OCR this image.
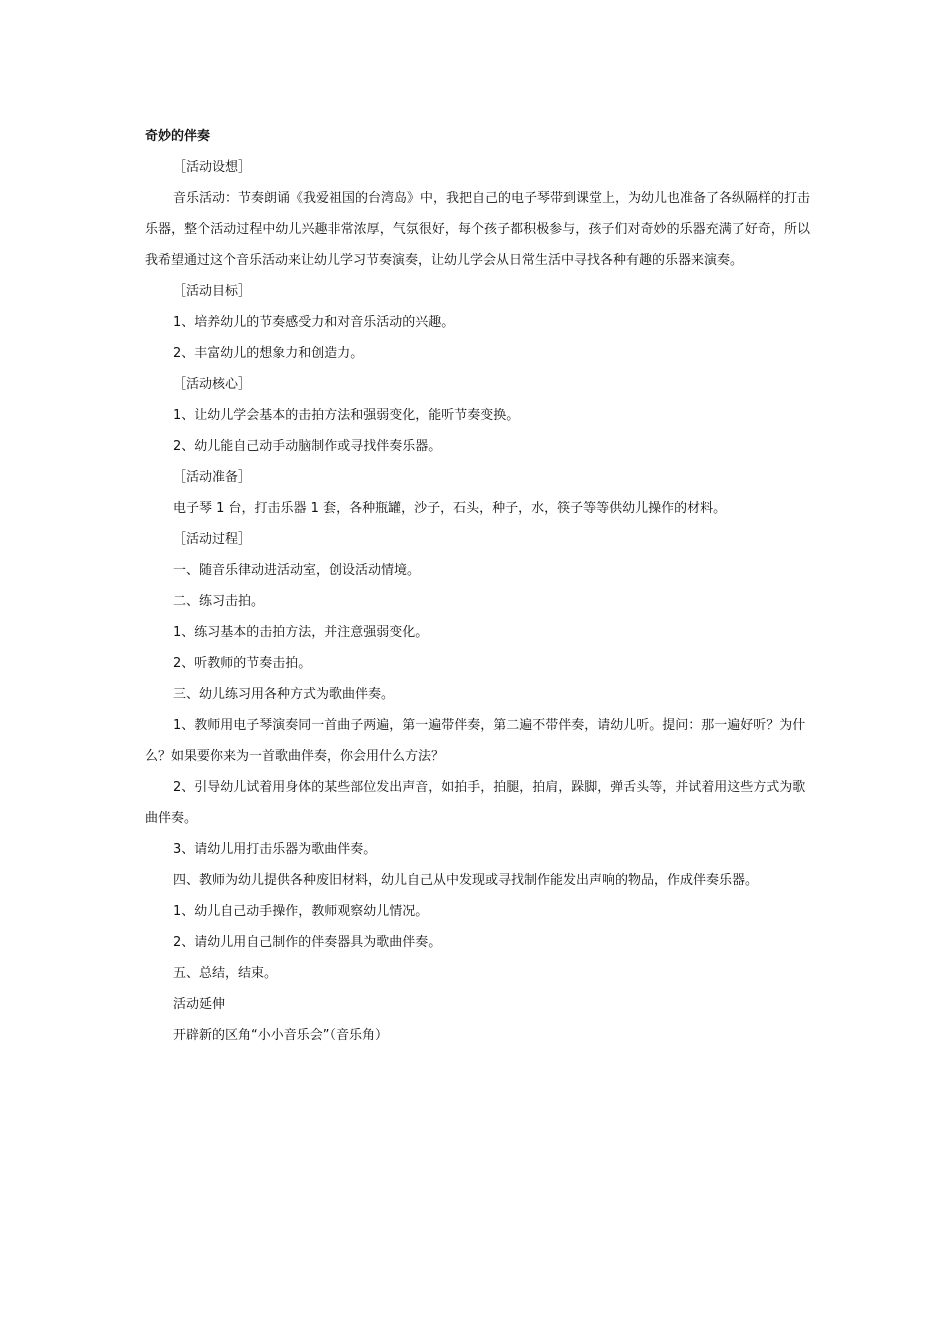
奇妙的伴奏
［活动设想］
音乐活动：节奏朗诵《我爱祖国的台湾岛》中，我把自己的电子琴带到课堂上，为幼儿也准备了各纵隔样的打击乐器，整个活动过程中幼儿兴趣非常浓厚，气氛很好，每个孩子都积极参与，孩子们对奇妙的乐器充满了好奇，所以我希望通过这个音乐活动来让幼儿学习节奏演奏，让幼儿学会从日常生活中寻找各种有趣的乐器来演奏。
［活动目标］
1、培养幼儿的节奏感受力和对音乐活动的兴趣。
2、丰富幼儿的想象力和创造力。
［活动核心］
1、让幼儿学会基本的击拍方法和强弱变化，能听节奏变换。
2、幼儿能自己动手动脑制作或寻找伴奏乐器。
［活动准备］
电子琴 1 台，打击乐器 1 套，各种瓶罐，沙子，石头，种子，水，筷子等等供幼儿操作的材料。
［活动过程］
一、随音乐律动进活动室，创设活动情境。
二、练习击拍。
1、练习基本的击拍方法，并注意强弱变化。
2、听教师的节奏击拍。
三、幼儿练习用各种方式为歌曲伴奏。
1、教师用电子琴演奏同一首曲子两遍，第一遍带伴奏，第二遍不带伴奏，请幼儿听。提问：那一遍好听？为什么？如果要你来为一首歌曲伴奏，你会用什么方法？
2、引导幼儿试着用身体的某些部位发出声音，如拍手，拍腿，拍肩，跺脚，弹舌头等，并试着用这些方式为歌曲伴奏。
3、请幼儿用打击乐器为歌曲伴奏。
四、教师为幼儿提供各种废旧材料，幼儿自己从中发现或寻找制作能发出声响的物品，作成伴奏乐器。
1、幼儿自己动手操作，教师观察幼儿情况。
2、请幼儿用自己制作的伴奏器具为歌曲伴奏。
五、总结，结束。
活动延伸
开辟新的区角“小小音乐会”（音乐角）
